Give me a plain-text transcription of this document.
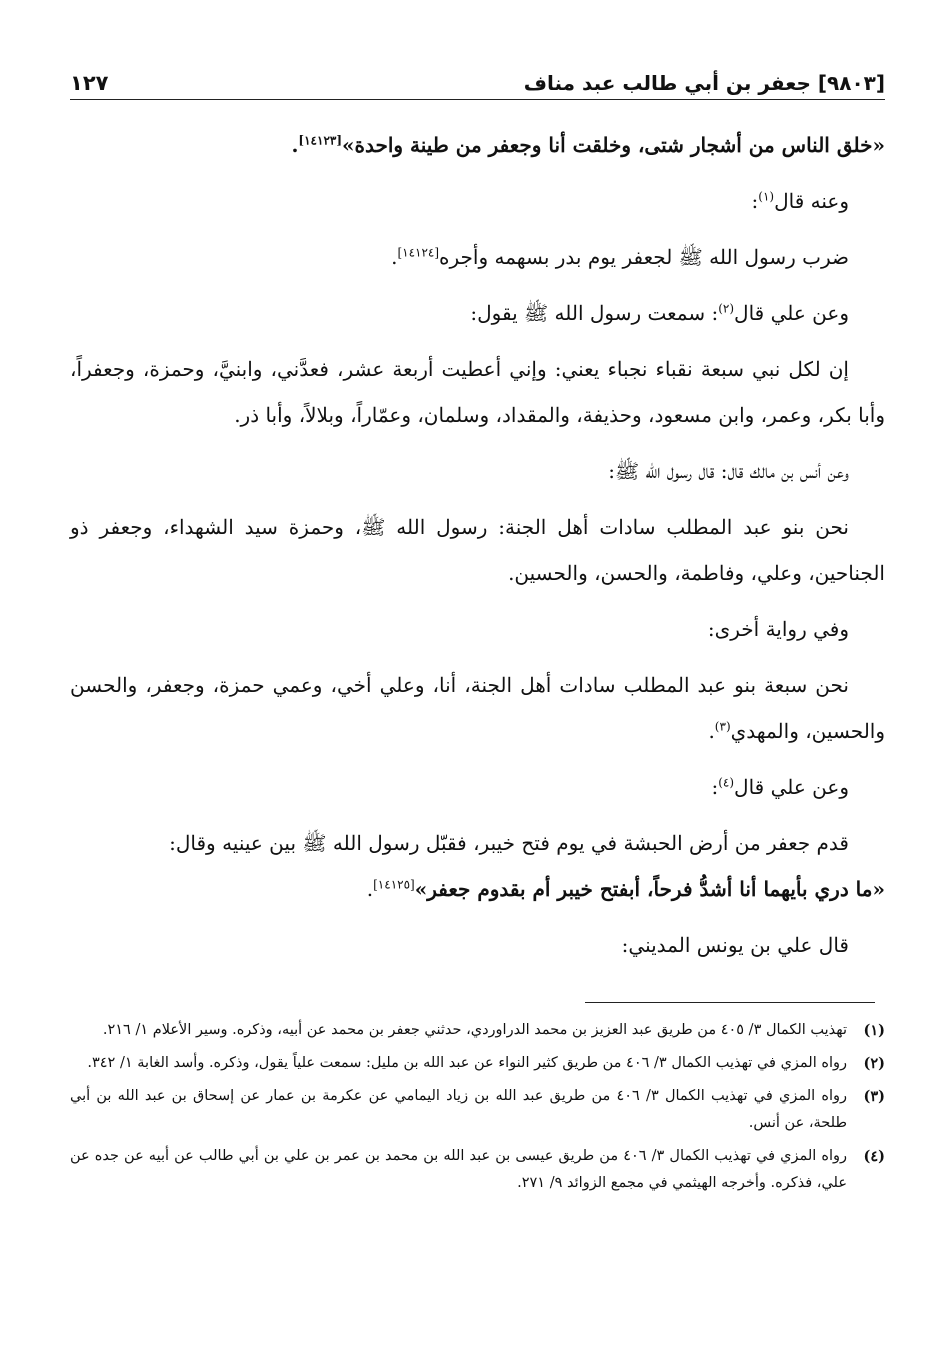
[٩٨٠٣] جعفر بن أبي طالب عبد مناف
١٢٧

«خلق الناس من أشجار شتى، وخلقت أنا وجعفر من طينة واحدة»[١٤١٢٣].

وعنه قال$^{(١)}$:

ضرب رسول الله ﷺ لجعفر يوم بدر بسهمه وأجره[١٤١٢٤].

وعن علي قال$^{(٢)}$: سمعت رسول الله ﷺ يقول:

إن لكل نبي سبعة نقباء نجباء يعني: وإني أعطيت أربعة عشر، فعدَّني، وابنيَّ، وحمزة، وجعفراً، وأبا بكر، وعمر، وابن مسعود، وحذيفة، والمقداد، وسلمان، وعمّاراً، وبلالاً، وأبا ذر.

وعن أنس بن مالك قال: قال رسول الله ﷺ:

نحن بنو عبد المطلب سادات أهل الجنة: رسول الله ﷺ، وحمزة سيد الشهداء، وجعفر ذو الجناحين، وعلي، وفاطمة، والحسن، والحسين.

وفي رواية أخرى:

نحن سبعة بنو عبد المطلب سادات أهل الجنة، أنا، وعلي أخي، وعمي حمزة، وجعفر، والحسن والحسين، والمهدي$^{(٣)}$.

وعن علي قال$^{(٤)}$:

قدم جعفر من أرض الحبشة في يوم فتح خيبر، فقبّل رسول الله ﷺ بين عينيه وقال:
«ما دري بأيهما أنا أشدُّ فرحاً، أبفتح خيبر أم بقدوم جعفر»[١٤١٢٥].

قال علي بن يونس المديني:

(١)
تهذيب الكمال ٣/ ٤٠٥ من طريق عبد العزيز بن محمد الدراوردي، حدثني جعفر بن محمد عن أبيه، وذكره. وسير الأعلام ١/ ٢١٦.
(٢)
رواه المزي في تهذيب الكمال ٣/ ٤٠٦ من طريق كثير النواء عن عبد الله بن مليل: سمعت علياً يقول، وذكره. وأسد الغابة ١/ ٣٤٢.
(٣)
رواه المزي في تهذيب الكمال ٣/ ٤٠٦ من طريق عبد الله بن زياد اليمامي عن عكرمة بن عمار عن إسحاق بن عبد الله بن أبي طلحة، عن أنس.
(٤)
رواه المزي في تهذيب الكمال ٣/ ٤٠٦ من طريق عيسى بن عبد الله بن محمد بن عمر بن علي بن أبي طالب عن أبيه عن جده عن علي، فذكره. وأخرجه الهيثمي في مجمع الزوائد ٩/ ٢٧١.
